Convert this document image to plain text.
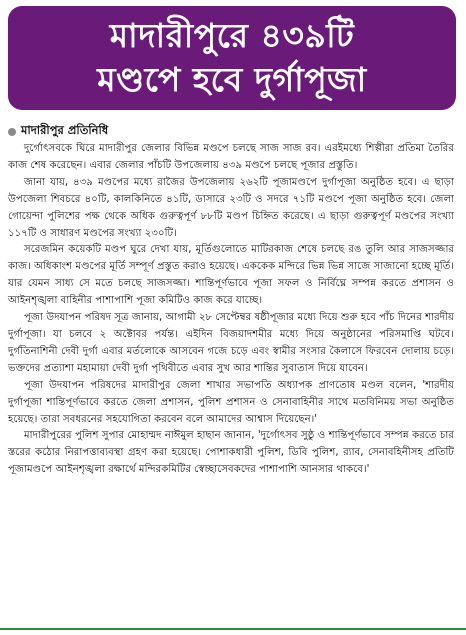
মাদারীপুরে ৪৩৯টি
মণ্ডপে হবে দুর্গাপূজা
মাদারীপুর প্রতিনিধি

দুর্গোৎসবকে ঘিরে মাদারীপুর জেলার বিভিন্ন মণ্ডপে চলছে সাজ সাজ রব। এরইমধ্যে শিল্পীরা প্রতিমা তৈরির কাজ শেষ করেছেন। এবার জেলার পাঁচটি উপজেলায় ৪৩৯ মণ্ডপে চলছে পূজার প্রস্তুতি।

জানা যায়, ৪৩৯ মণ্ডপের মধ্যে রাজৈর উপজেলায় ২৬২টি পূজামণ্ডপে দুর্গাপূজা অনুষ্ঠিত হবে। এ ছাড়া উপজেলা শিবচরে ৪০টি, কালকিনিতে ৪১টি, ডাসারে ২৩টি ও সদরে ৭১টি মণ্ডপে পূজা অনুষ্ঠিত হবে। জেলা গোয়েন্দা পুলিশের পক্ষ থেকে অধিক গুরুত্বপূর্ণ ৮৮টি মণ্ডপ চিহ্নিত করেছে। এ ছাড়া গুরুত্বপূর্ণ মণ্ডপের সংখ্যা ১১৭টি ও সাধারণ মণ্ডপের সংখ্যা ২৩০টি।

সরেজমিন কয়েকটি মণ্ডপ ঘুরে দেখা যায়, মূর্তিগুলোতে মাটিরকাজ শেষে চলছে রঙ তুলি আর সাজসজ্জার কাজ। অধিকাংশ মণ্ডপের মূর্তি সম্পূর্ণ প্রস্তুত করাও হয়েছে। এককেক মন্দিরে ভিন্ন ভিন্ন সাজে সাজানো হচ্ছে মূর্তি। যার যেমন সাধ্য সে মতে চলছে সাজসজ্জা। শান্তিপূর্ণভাবে পূজা সফল ও নির্বিঘ্নে সম্পন্ন করতে প্রশাসন ও আইনশৃঙ্খলা বাহিনীর পাশাপাশি পূজা কমিটিও কাজ করে যাচ্ছে।

পূজা উদযাপন পরিষদ সূত্র জানায়, আগামী ২৮ সেপ্টেম্বর ষষ্ঠীপূজার মধ্যে দিয়ে শুরু হবে পাঁচ দিনের শারদীয় দুর্গাপূজা। যা চলবে ২ অক্টোবর পর্যন্ত। এইদিন বিজয়াদশমীর মধ্যে দিয়ে অনুষ্ঠানের পরিসমাপ্তি ঘটবে। দুর্গতিনাশিনী দেবী দুর্গা এবার মর্তলোকে আসবেন গজে চড়ে এবং স্বামীর সংসার কৈলাসে ফিরবেন দোলায় চড়ে। ভক্তদের প্রত্যাশা মহামায়া দেবী দুর্গা পৃথিবীতে এবার সুখ আর শান্তির সুবাতাস দিয়ে যাবেন।

পূজা উদযাপন পরিষদের মাদারীপুর জেলা শাখার সভাপতি অধ্যাপক প্রাণতোষ মণ্ডল বলেন, 'শারদীয় দুর্গাপূজা শান্তিপূর্ণভাবে করতে জেলা প্রশাসন, পুলিশ প্রশাসন ও সেনাবাহিনীর সাথে মতবিনিময় সভা অনুষ্ঠিত হয়েছে। তারা সবধরনের সহযোগিতা করবেন বলে আমাদের আশ্বাস দিয়েছেন।'

মাদারীপুরের পুলিশ সুপার মোহাম্মদ নাঈমুল হাছান জানান, 'দুর্গোৎসব সুষ্ঠু ও শান্তিপূর্ণভাবে সম্পন্ন করতে চার স্তরের কঠোর নিরাপত্তাব্যবস্থা গ্রহণ করা হয়েছে। পোশাকধারী পুলিশ, ডিবি পুলিশ, র‌্যাব, সেনাবহিনীসহ প্রতিটি পূজামণ্ডপে আইনশৃঙ্খলা রক্ষার্থে মন্দিরকমিটির স্বেচ্ছাসেবকদের পাশাপাশি আনসার থাকবে।'
